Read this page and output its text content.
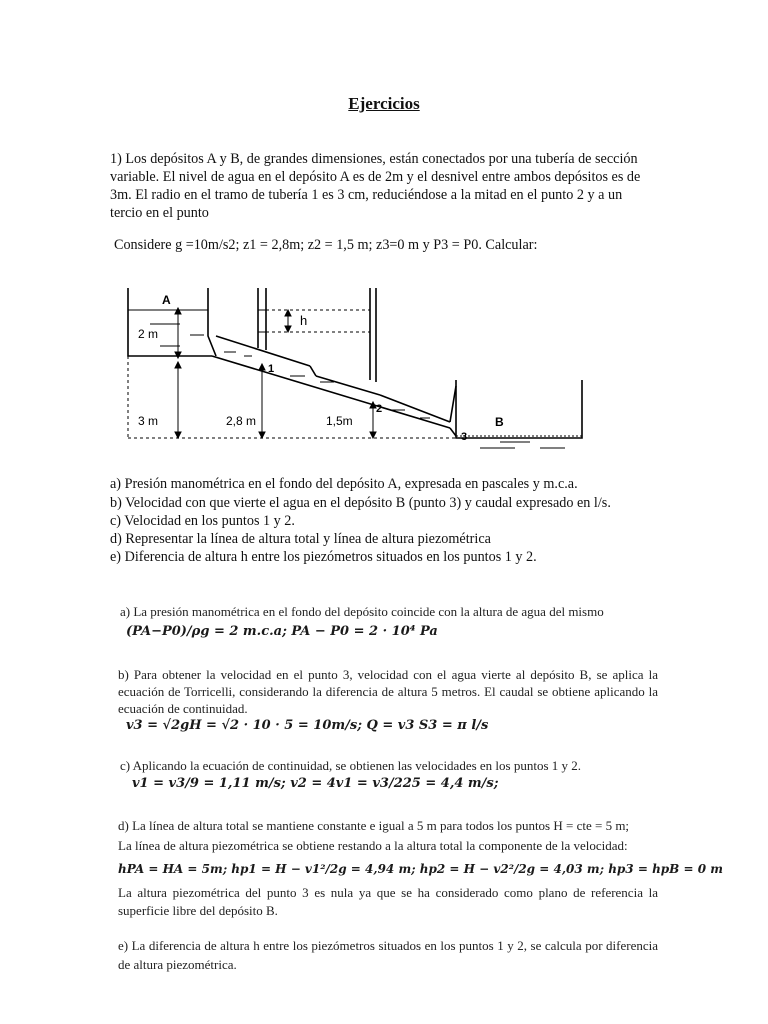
Ejercicios
1) Los depósitos A y B, de grandes dimensiones, están conectados por una tubería de sección variable. El nivel de agua en el depósito A es de 2m y el desnivel entre ambos depósitos es de 3m. El radio en el tramo de tubería 1 es 3 cm, reduciéndose a la mitad en el punto 2 y a un tercio en el punto
Considere g =10m/s2; z1 = 2,8m; z2 = 1,5 m; z3=0 m y P3 = P0. Calcular:
A
B
h
1
2
3
2 m
3 m	2,8 m	1,5m
a) Presión manométrica en el fondo del depósito A, expresada en pascales y m.c.a.
b) Velocidad con que vierte el agua en el depósito B (punto 3) y caudal expresado en l/s.
c) Velocidad en los puntos 1 y 2.
d) Representar la línea de altura total y línea de altura piezométrica
e) Diferencia de altura h entre los piezómetros situados en los puntos 1 y 2.
a) La presión manométrica en el fondo del depósito coincide con la altura de agua del mismo
(PA−P0)/ρg = 2 m.c.a; PA − P0 = 2 · 10⁴ Pa
b) Para obtener la velocidad en el punto 3, velocidad con el agua vierte al depósito B, se aplica la ecuación de Torricelli, considerando la diferencia de altura 5 metros. El caudal se obtiene aplicando la ecuación de continuidad.
v3 = √2gH = √2 · 10 · 5 = 10m/s; Q = v3 S3 = π l/s
c) Aplicando la ecuación de continuidad, se obtienen las velocidades en los puntos 1 y 2.
v1 = v3/9 = 1,11 m/s; v2 = 4v1 = v3/225 = 4,4 m/s;
d) La línea de altura total se mantiene constante e igual a 5 m para todos los puntos H = cte = 5 m;
La línea de altura piezométrica se obtiene restando a la altura total la componente de la velocidad:
hPA = HA = 5m; hp1 = H − v1²/2g = 4,94 m; hp2 = H − v2²/2g = 4,03 m; hp3 = hpB = 0 m
La altura piezométrica del punto 3 es nula ya que se ha considerado como plano de referencia la superficie libre del depósito B.
e) La diferencia de altura h entre los piezómetros situados en los puntos 1 y 2, se calcula por diferencia de altura piezométrica.
